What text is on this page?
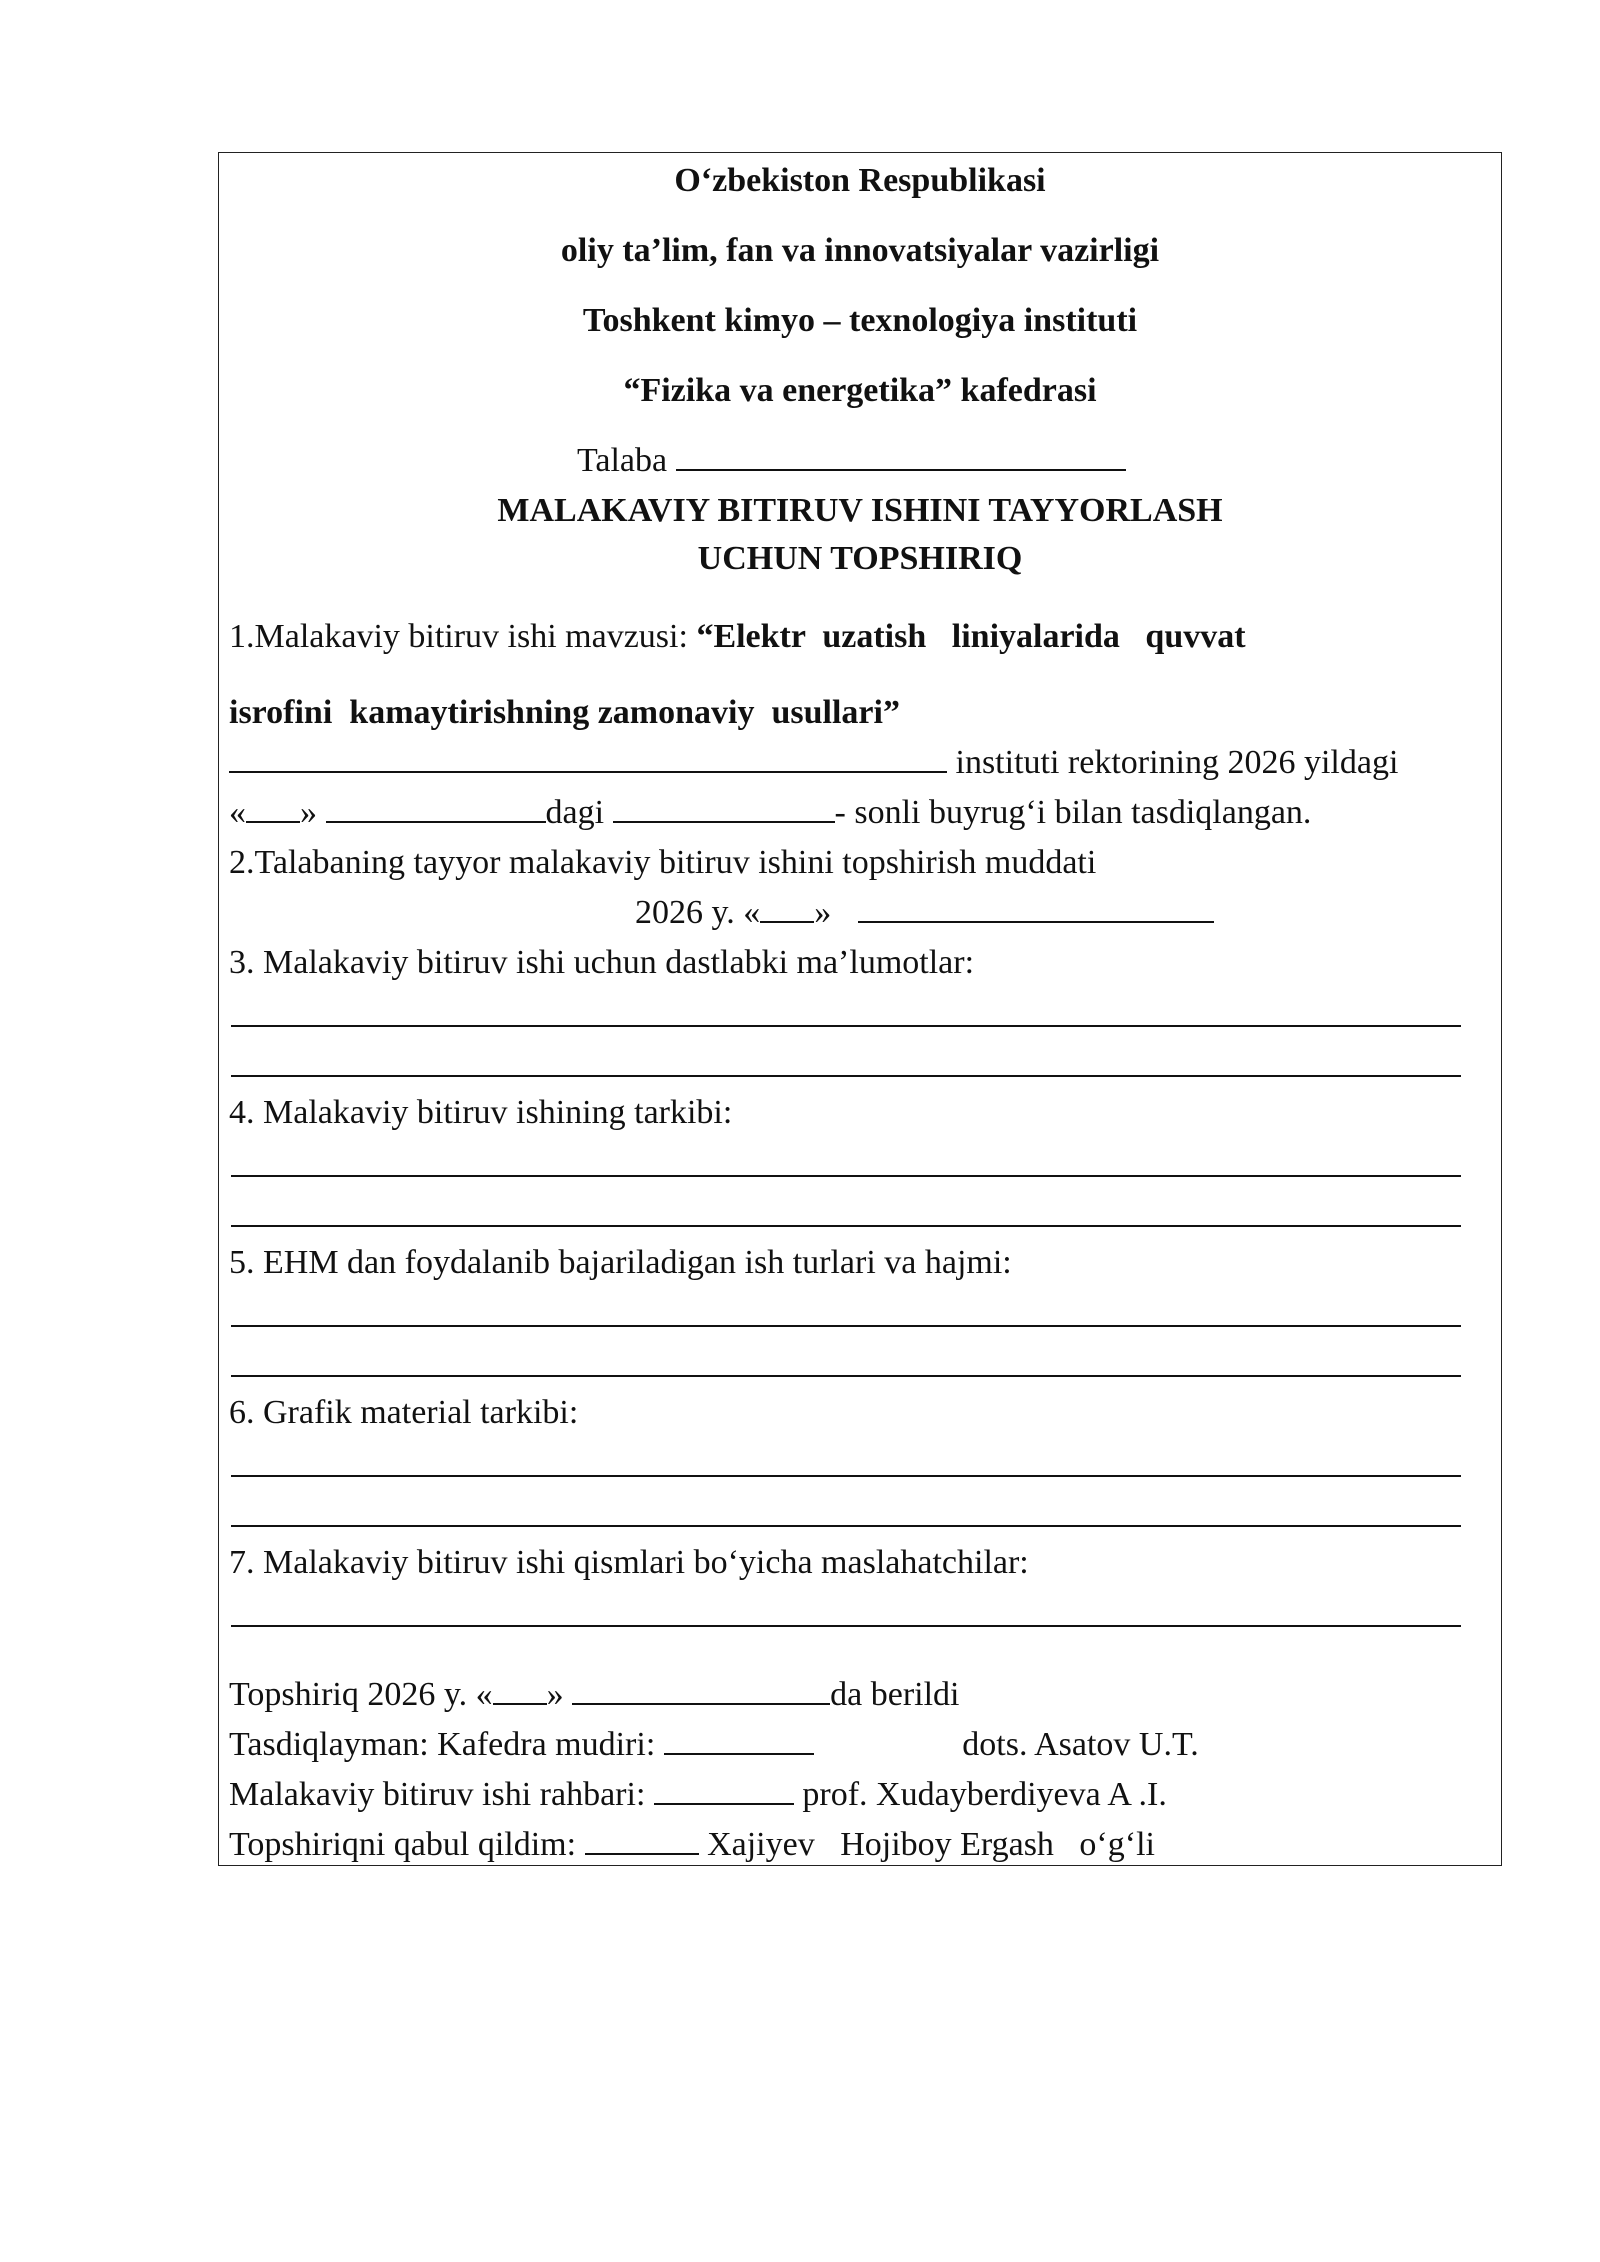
O‘zbekiston Respublikasi
oliy ta’lim, fan va innovatsiyalar vazirligi
Toshkent kimyo – texnologiya instituti
“Fizika va energetika” kafedrasi
Talaba
MALAKAVIY BITIRUV ISHINI TAYYORLASH
UCHUN TOPSHIRIQ
1.Malakaviy bitiruv ishi mavzusi: “Elektr  uzatish   liniyalarida   quvvat
isrofini  kamaytirishning zamonaviy  usullari”
instituti rektorining 2026 yildagi
« »	dagi	- sonli buyrug‘i bilan tasdiqlangan.
2.Talabaning tayyor malakaviy bitiruv ishini topshirish muddati
2026 y. « »
3. Malakaviy bitiruv ishi uchun dastlabki ma’lumotlar:
4. Malakaviy bitiruv ishining tarkibi:
5. EHM dan foydalanib bajariladigan ish turlari va hajmi:
6. Grafik material tarkibi:
7. Malakaviy bitiruv ishi qismlari bo‘yicha maslahatchilar:
Topshiriq 2026 y. « »	da berildi
Tasdiqlayman: Kafedra mudiri:	dots. Asatov U.T.
Malakaviy bitiruv ishi rahbari:	prof. Xudayberdiyeva A .I.
Topshiriqni qabul qildim:	Xajiyev   Hojiboy Ergash   o‘g‘li
